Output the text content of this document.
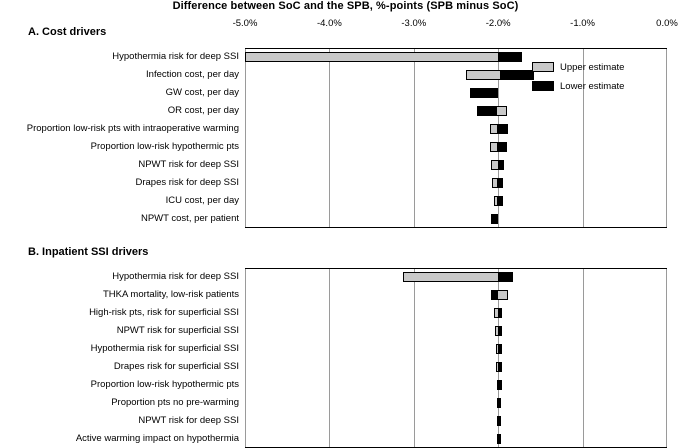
Difference between SoC and the SPB, %-points (SPB minus SoC)
-5.0%	-4.0%	-3.0%	-2.0%	-1.0%	0.0%
A. Cost drivers
Hypothermia risk for deep SSI
Infection cost, per day
GW cost, per day
OR cost, per day
Proportion low-risk pts with intraoperative warming
Proportion low-risk hypothermic pts
NPWT risk for deep SSI
Drapes risk for deep SSI
ICU cost, per day
NPWT cost, per patient
B. Inpatient SSI drivers
Hypothermia risk for deep SSI
THKA mortality, low-risk patients
High-risk pts, risk for superficial SSI
NPWT risk for superficial SSI
Hypothermia risk for superficial SSI
Drapes risk for superficial SSI
Proportion low-risk hypothermic pts
Proportion pts no pre-warming
NPWT risk for deep SSI
Active warming impact on hypothermia
Upper estimate
Lower estimate
